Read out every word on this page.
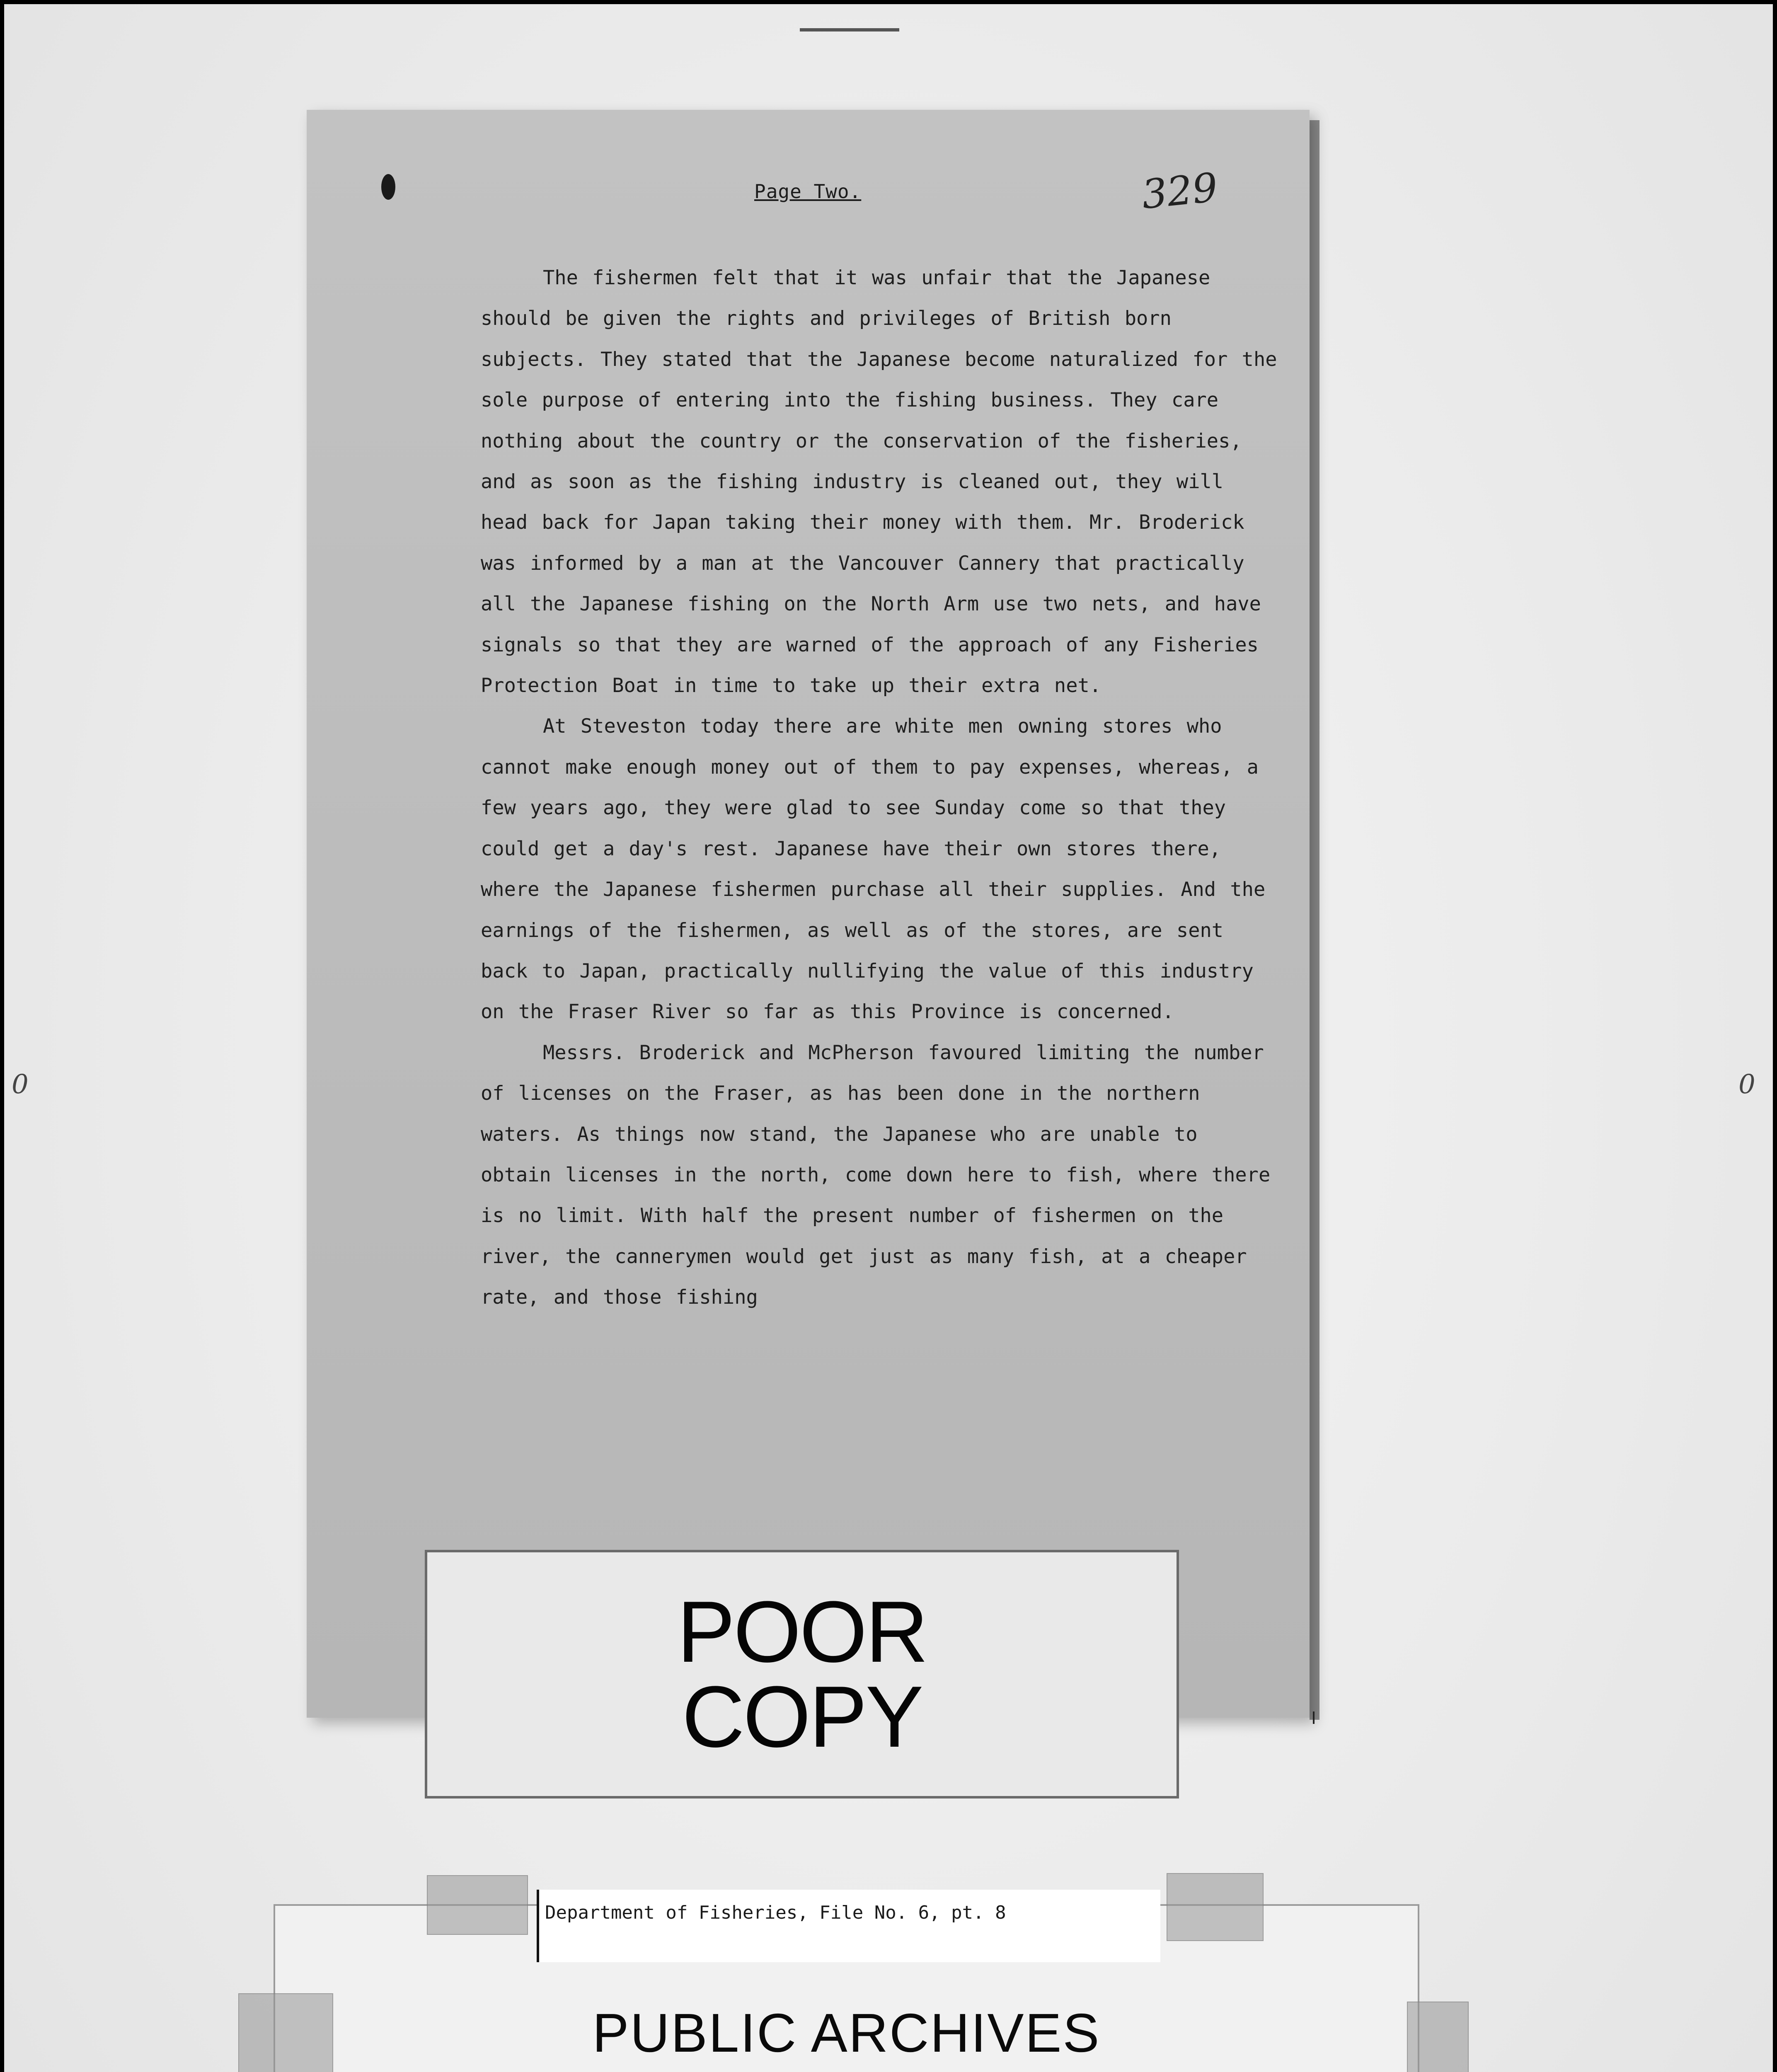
Page Two.	329

The fishermen felt that it was unfair that the Japanese should be given the rights and privileges of British born subjects. They stated that the Japanese become naturalized for the sole purpose of entering into the fishing business. They care nothing about the country or the conservation of the fisheries, and as soon as the fishing industry is cleaned out, they will head back for Japan taking their money with them. Mr. Broderick was informed by a man at the Vancouver Cannery that practically all the Japanese fishing on the North Arm use two nets, and have signals so that they are warned of the approach of any Fisheries Protection Boat in time to take up their extra net.

At Steveston today there are white men owning stores who cannot make enough money out of them to pay expenses, whereas, a few years ago, they were glad to see Sunday come so that they could get a day's rest. Japanese have their own stores there, where the Japanese fishermen purchase all their supplies. And the earnings of the fishermen, as well as of the stores, are sent back to Japan, practically nullifying the value of this industry on the Fraser River so far as this Province is concerned.

Messrs. Broderick and McPherson favoured limiting the number of licenses on the Fraser, as has been done in the northern waters. As things now stand, the Japanese who are unable to obtain licenses in the north, come down here to fish, where there is no limit. With half the present number of fishermen on the river, the cannerymen would get just as many fish, at a cheaper rate, and those fishing

0	0
POOR
COPY
Department of Fisheries, File No. 6, pt. 8
PUBLIC ARCHIVES
